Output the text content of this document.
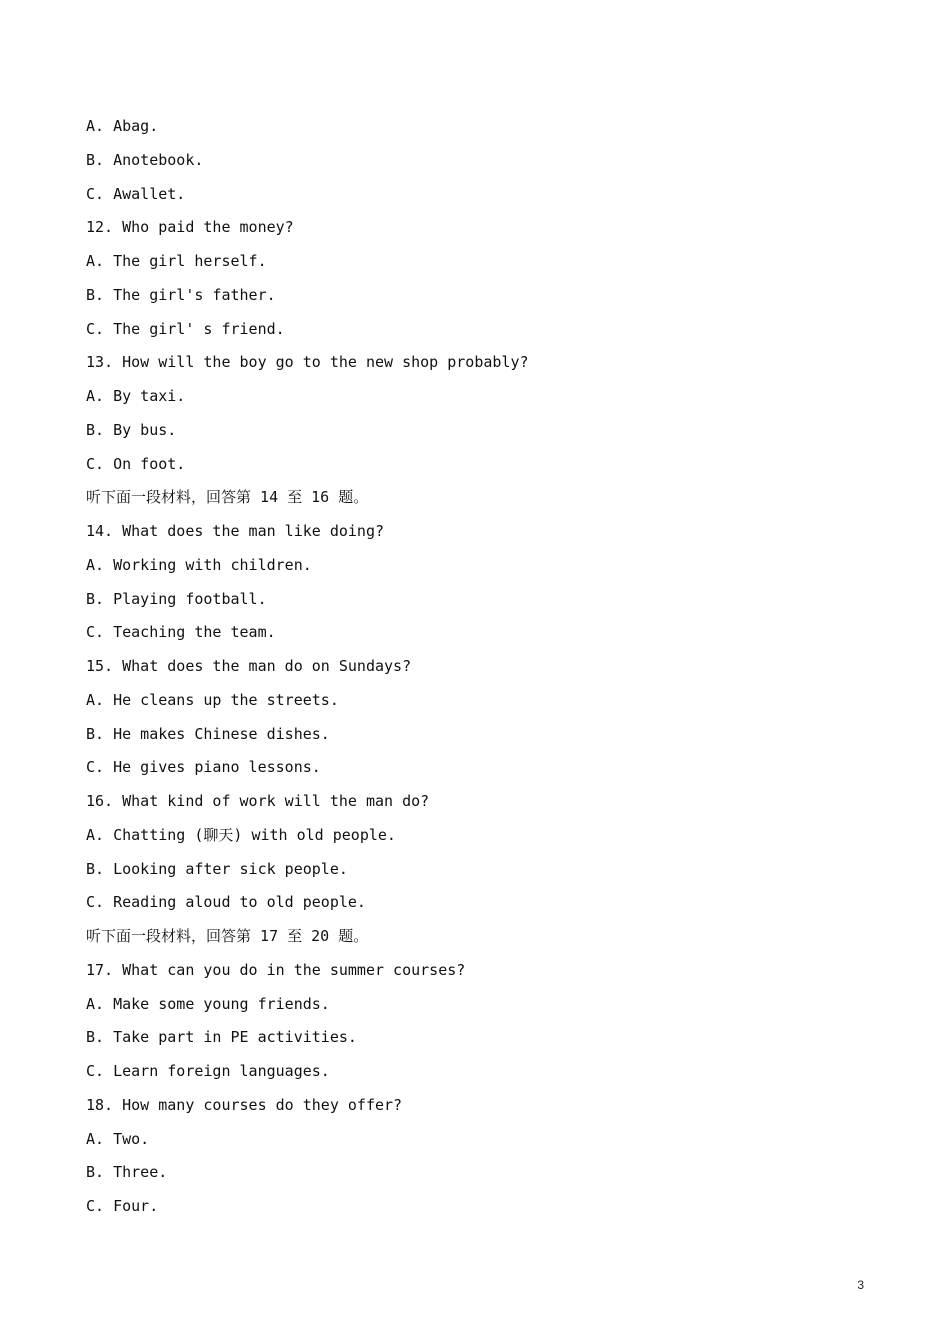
A. Abag.
B. Anotebook.
C. Awallet.
12. Who paid the money?
A. The girl herself.
B. The girl's father.
C. The girl' s friend.
13. How will the boy go to the new shop probably?
A. By taxi.
B. By bus.
C. On foot.
听下面一段材料，回答第 14 至 16 题。
14. What does the man like doing?
A. Working with children.
B. Playing football.
C. Teaching the team.
15. What does the man do on Sundays?
A. He cleans up the streets.
B. He makes Chinese dishes.
C. He gives piano lessons.
16. What kind of work will the man do?
A. Chatting (聊天) with old people.
B. Looking after sick people.
C. Reading aloud to old people.
听下面一段材料，回答第 17 至 20 题。
17. What can you do in the summer courses?
A. Make some young friends.
B. Take part in PE activities.
C. Learn foreign languages.
18. How many courses do they offer?
A. Two.
B. Three.
C. Four.
3
